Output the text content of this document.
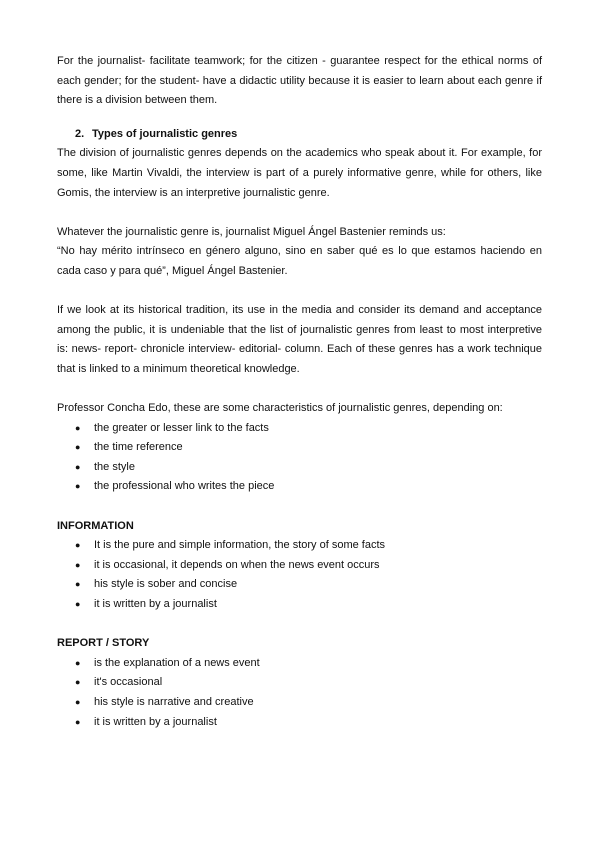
For the journalist- facilitate teamwork; for the citizen - guarantee respect for the ethical norms of each gender; for the student- have a didactic utility because it is easier to learn about each genre if there is a division between them.

2. Types of journalistic genres

The division of journalistic genres depends on the academics who speak about it. For example, for some, like Martin Vivaldi, the interview is part of a purely informative genre, while for others, like Gomis, the interview is an interpretive journalistic genre.

Whatever the journalistic genre is, journalist Miguel Ángel Bastenier reminds us:

“No hay mérito intrínseco en género alguno, sino en saber qué es lo que estamos haciendo en cada caso y para qué”, Miguel Ángel Bastenier.

If we look at its historical tradition, its use in the media and consider its demand and acceptance among the public, it is undeniable that the list of journalistic genres from least to most interpretive is: news- report- chronicle interview- editorial- column. Each of these genres has a work technique that is linked to a minimum theoretical knowledge.

Professor Concha Edo, these are some characteristics of journalistic genres, depending on:

● the greater or lesser link to the facts
● the time reference
● the style
● the professional who writes the piece

INFORMATION

● It is the pure and simple information, the story of some facts
● it is occasional, it depends on when the news event occurs
● his style is sober and concise
● it is written by a journalist

REPORT / STORY

● is the explanation of a news event
● it's occasional
● his style is narrative and creative
● it is written by a journalist
